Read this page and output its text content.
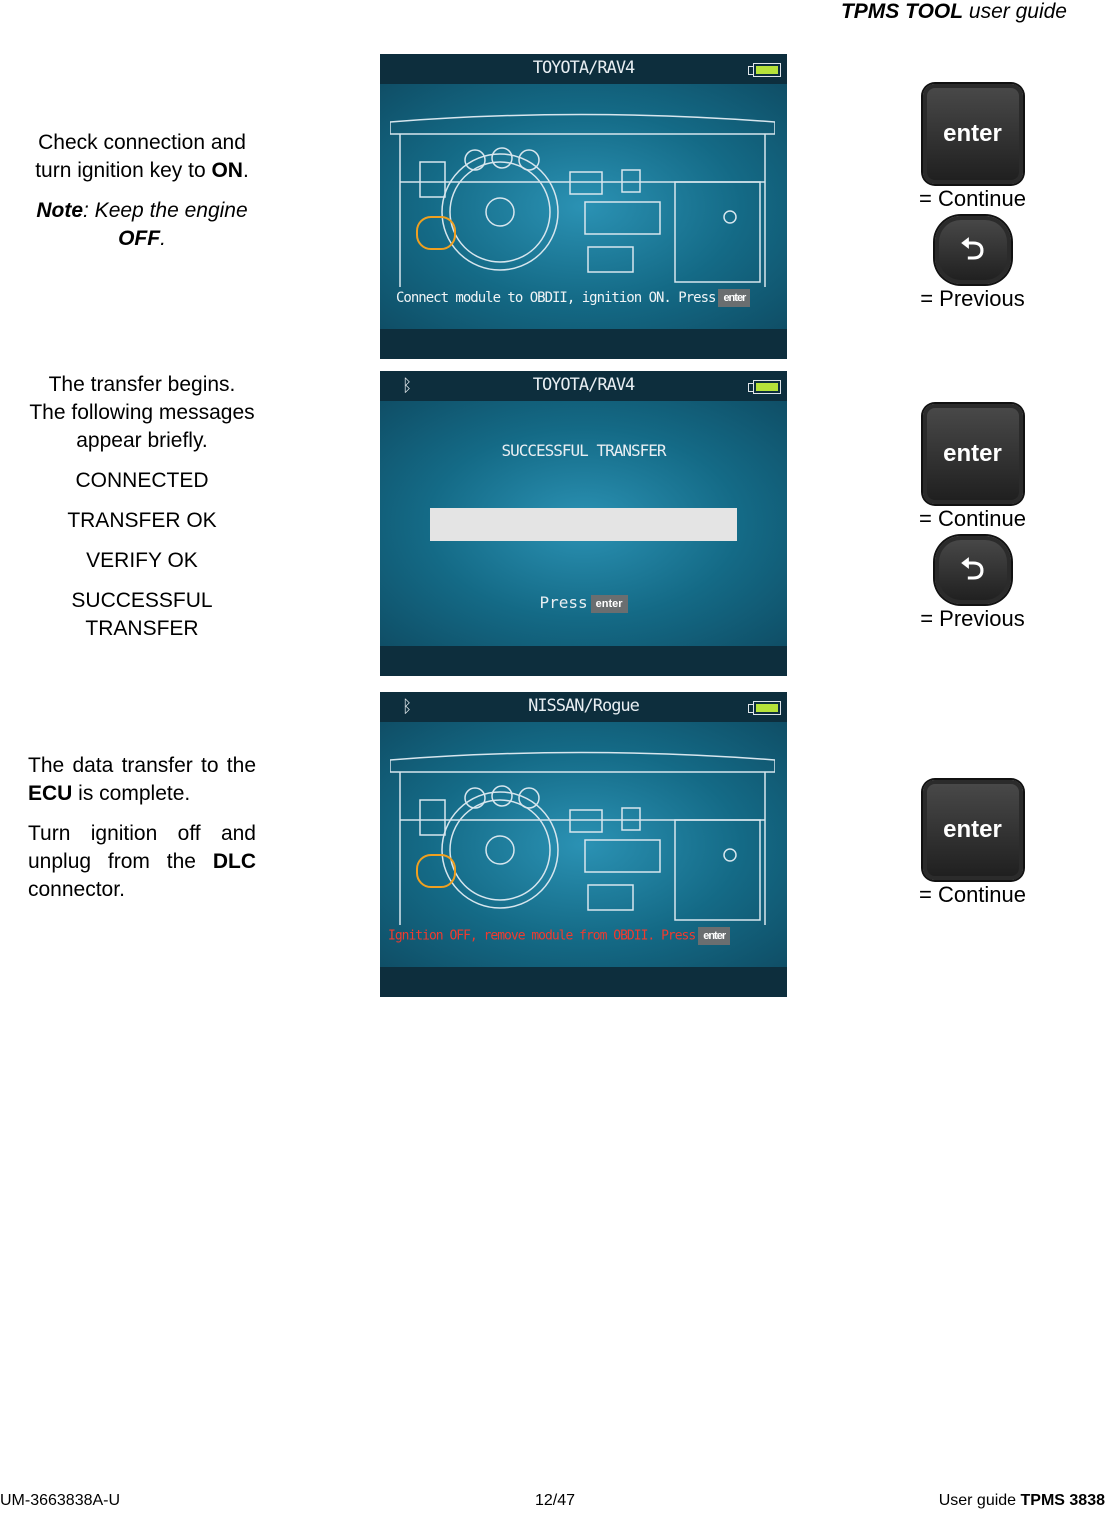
TPMS TOOL user guide

Check connection and turn ignition key to ON.

Note: Keep the engine OFF.

TOYOTA/RAV4
Connect module to OBDII, ignition ON. Press enter
enter
= Continue
⮌
= Previous

The transfer begins. The following messages appear briefly.

CONNECTED

TRANSFER OK

VERIFY OK

SUCCESSFUL TRANSFER

ᛒ	TOYOTA/RAV4
SUCCESSFUL TRANSFER
Press enter
enter
= Continue
⮌
= Previous

The data transfer to the ECU is complete.

Turn ignition off and unplug from the DLC connector.

ᛒ	NISSAN/Rogue
Ignition OFF, remove module from OBDII. Press enter
enter
= Continue
UM-3663838A-U	12/47	User guide TPMS 3838
